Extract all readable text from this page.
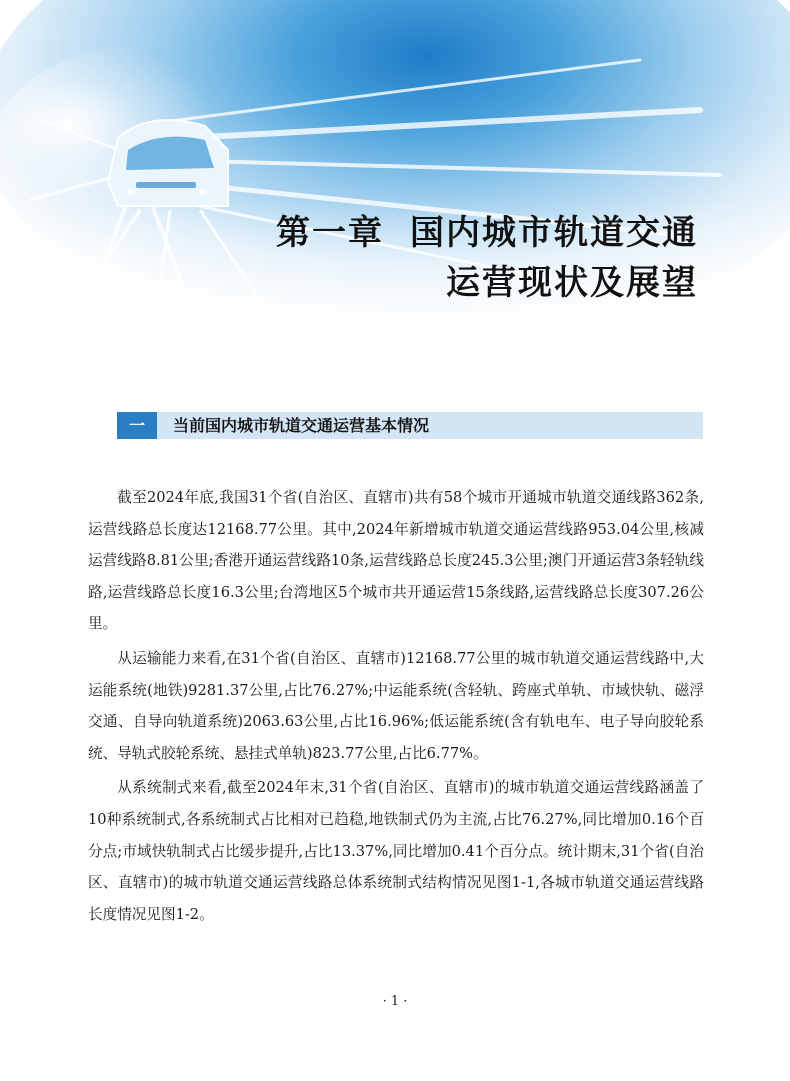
第一章 国内城市轨道交通
运营现状及展望
一	当前国内城市轨道交通运营基本情况

截至2024年底,我国31个省(自治区、直辖市)共有58个城市开通城市轨道交通线路362条,运营线路总长度达12168.77公里。其中,2024年新增城市轨道交通运营线路953.04公里,核减运营线路8.81公里;香港开通运营线路10条,运营线路总长度245.3公里;澳门开通运营3条轻轨线路,运营线路总长度16.3公里;台湾地区5个城市共开通运营15条线路,运营线路总长度307.26公里。

从运输能力来看,在31个省(自治区、直辖市)12168.77公里的城市轨道交通运营线路中,大运能系统(地铁)9281.37公里,占比76.27%;中运能系统(含轻轨、跨座式单轨、市域快轨、磁浮交通、自导向轨道系统)2063.63公里,占比16.96%;低运能系统(含有轨电车、电子导向胶轮系统、导轨式胶轮系统、悬挂式单轨)823.77公里,占比6.77%。

从系统制式来看,截至2024年末,31个省(自治区、直辖市)的城市轨道交通运营线路涵盖了10种系统制式,各系统制式占比相对已趋稳,地铁制式仍为主流,占比76.27%,同比增加0.16个百分点;市域快轨制式占比缓步提升,占比13.37%,同比增加0.41个百分点。统计期末,31个省(自治区、直辖市)的城市轨道交通运营线路总体系统制式结构情况见图1-1,各城市轨道交通运营线路长度情况见图1-2。

· 1 ·
